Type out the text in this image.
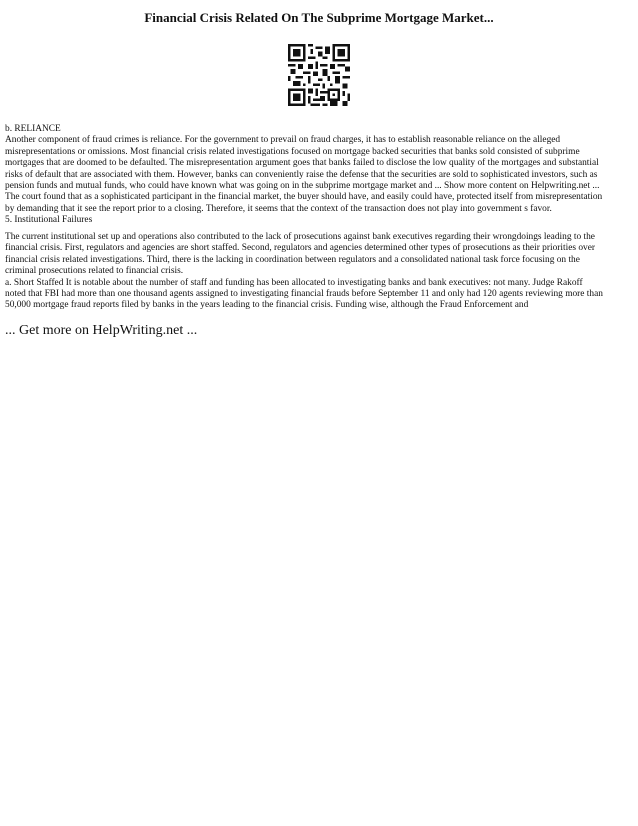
Financial Crisis Related On The Subprime Mortgage Market...

b. RELIANCE

Another component of fraud crimes is reliance. For the government to prevail on fraud charges, it has to establish reasonable reliance on the alleged

misrepresentations or omissions. Most financial crisis related investigations focused on mortgage backed securities that banks sold consisted of subprime

mortgages that are doomed to be defaulted. The misrepresentation argument goes that banks failed to disclose the low quality of the mortgages and substantial

risks of default that are associated with them. However, banks can conveniently raise the defense that the securities are sold to sophisticated investors, such as

pension funds and mutual funds, who could have known what was going on in the subprime mortgage market and ... Show more content on Helpwriting.net ...

The court found that as a sophisticated participant in the financial market, the buyer should have, and easily could have, protected itself from misrepresentation

by demanding that it see the report prior to a closing. Therefore, it seems that the context of the transaction does not play into government s favor.

5. Institutional Failures

The current institutional set up and operations also contributed to the lack of prosecutions against bank executives regarding their wrongdoings leading to the

financial crisis. First, regulators and agencies are short staffed. Second, regulators and agencies determined other types of prosecutions as their priorities over

financial crisis related investigations. Third, there is the lacking in coordination between regulators and a consolidated national task force focusing on the

criminal prosecutions related to financial crisis.

a. Short Staffed It is notable about the number of staff and funding has been allocated to investigating banks and bank executives: not many. Judge Rakoff

noted that FBI had more than one thousand agents assigned to investigating financial frauds before September 11 and only had 120 agents reviewing more than

50,000 mortgage fraud reports filed by banks in the years leading to the financial crisis. Funding wise, although the Fraud Enforcement and

... Get more on HelpWriting.net ...
